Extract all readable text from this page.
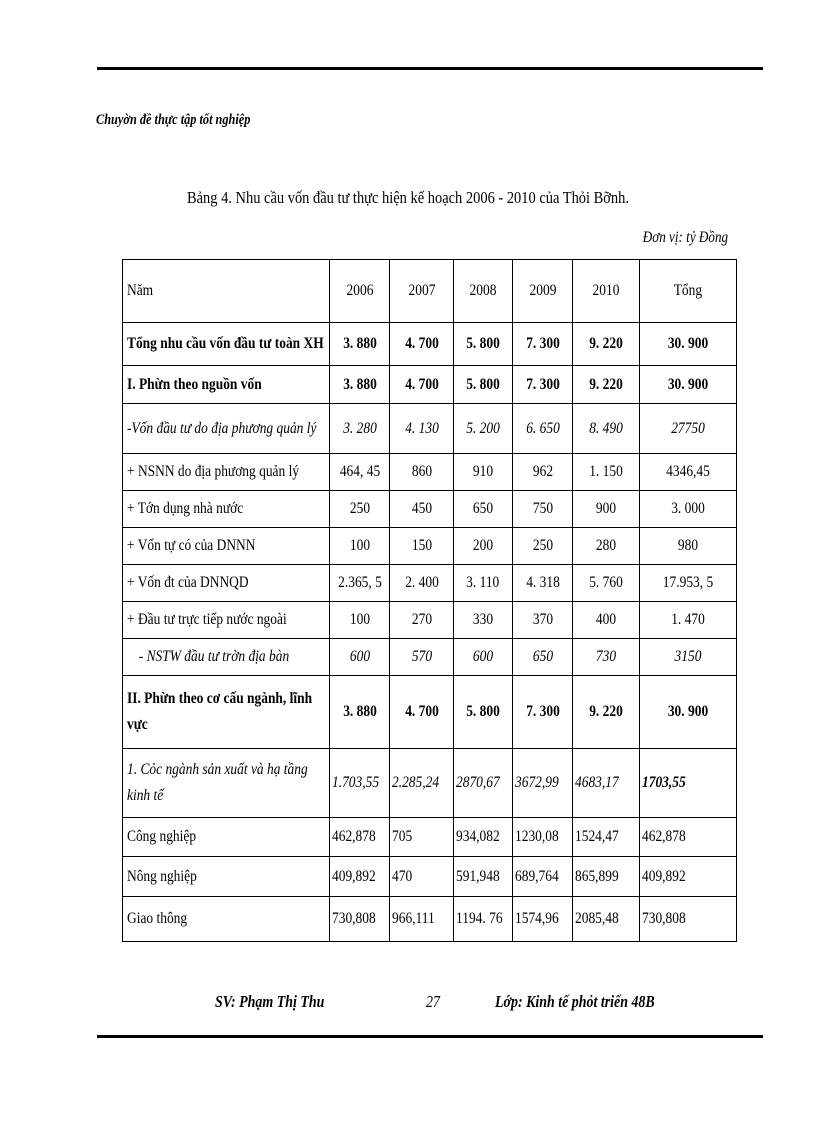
Chuyờn đề thực tập tốt nghiệp
Bảng 4. Nhu cầu vốn đầu tư thực hiện kế hoạch 2006 - 2010 của Thỏi Bỡnh.
Đơn vị: tỷ Đồng
Năm	2006	2007	2008	2009	2010	Tổng
Tổng nhu cầu vốn đầu tư toàn XH	3. 880	4. 700	5. 800	7. 300	9. 220	30. 900
I. Phừn theo nguồn vốn	3. 880	4. 700	5. 800	7. 300	9. 220	30. 900
-Vốn đầu tư do địa phương quản lý	3. 280	4. 130	5. 200	6. 650	8. 490	27750
+ NSNN do địa phương quản lý	464, 45	860	910	962	1. 150	4346,45
+ Tớn dụng nhà nước	250	450	650	750	900	3. 000
+ Vốn tự có của DNNN	100	150	200	250	280	980
+ Vốn đt của DNNQD	2.365, 5	2. 400	3. 110	4. 318	5. 760	17.953, 5
+ Đầu tư trực tiếp nước ngoài	100	270	330	370	400	1. 470
- NSTW đầu tư trờn địa bàn	600	570	600	650	730	3150
II. Phừn theo cơ cấu ngành, lĩnh vực	3. 880	4. 700	5. 800	7. 300	9. 220	30. 900
1. Cỏc ngành sản xuất và hạ tầng kinh tế	1.703,55	2.285,24	2870,67	3672,99	4683,17	1703,55
Công nghiệp	462,878	705	934,082	1230,08	1524,47	462,878
Nông nghiệp	409,892	470	591,948	689,764	865,899	409,892
Giao thông	730,808	966,111	1194. 76	1574,96	2085,48	730,808
SV: Phạm Thị Thu	27	Lớp: Kinh tế phỏt triển 48B
